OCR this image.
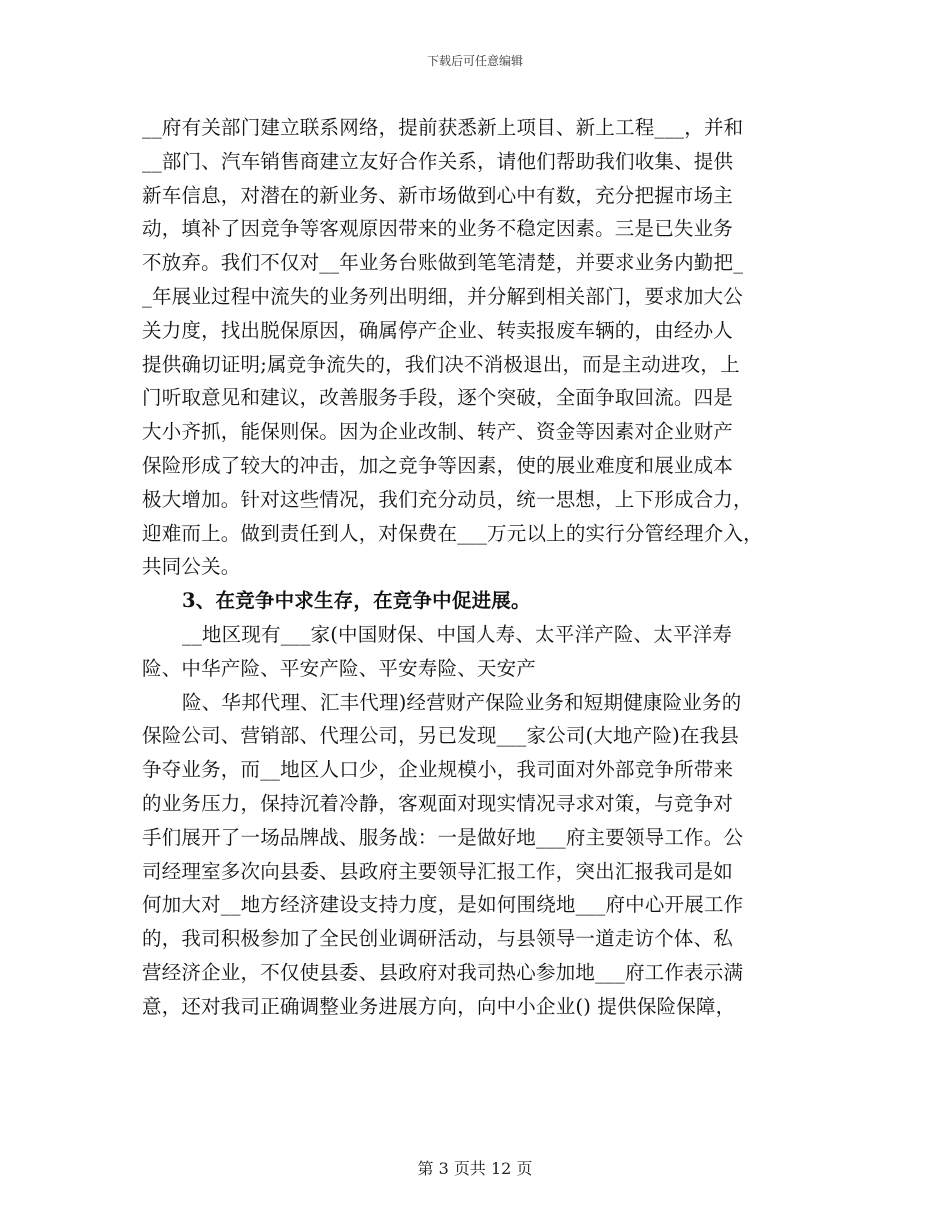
下载后可任意编辑
__府有关部门建立联系网络，提前获悉新上项目、新上工程___，并和
__部门、汽车销售商建立友好合作关系，请他们帮助我们收集、提供
新车信息，对潜在的新业务、新市场做到心中有数，充分把握市场主
动，填补了因竞争等客观原因带来的业务不稳定因素。三是已失业务
不放弃。我们不仅对__年业务台账做到笔笔清楚，并要求业务内勤把_
_年展业过程中流失的业务列出明细，并分解到相关部门，要求加大公
关力度，找出脱保原因，确属停产企业、转卖报废车辆的，由经办人
提供确切证明;属竞争流失的，我们决不消极退出，而是主动进攻，上
门听取意见和建议，改善服务手段，逐个突破，全面争取回流。四是
大小齐抓，能保则保。因为企业改制、转产、资金等因素对企业财产
保险形成了较大的冲击，加之竞争等因素，使的展业难度和展业成本
极大增加。针对这些情况，我们充分动员，统一思想，上下形成合力，
迎难而上。做到责任到人，对保费在___万元以上的实行分管经理介入，
共同公关。
3、在竞争中求生存，在竞争中促进展。
__地区现有___家(中国财保、中国人寿、太平洋产险、太平洋寿
险、中华产险、平安产险、平安寿险、天安产
险、华邦代理、汇丰代理)经营财产保险业务和短期健康险业务的
保险公司、营销部、代理公司，另已发现___家公司(大地产险)在我县
争夺业务，而__地区人口少，企业规模小，我司面对外部竞争所带来
的业务压力，保持沉着冷静，客观面对现实情况寻求对策，与竞争对
手们展开了一场品牌战、服务战：一是做好地___府主要领导工作。公
司经理室多次向县委、县政府主要领导汇报工作，突出汇报我司是如
何加大对__地方经济建设支持力度，是如何围绕地___府中心开展工作
的，我司积极参加了全民创业调研活动，与县领导一道走访个体、私
营经济企业，不仅使县委、县政府对我司热心参加地___府工作表示满
意，还对我司正确调整业务进展方向，向中小企业() 提供保险保障，
第 3 页共 12 页
